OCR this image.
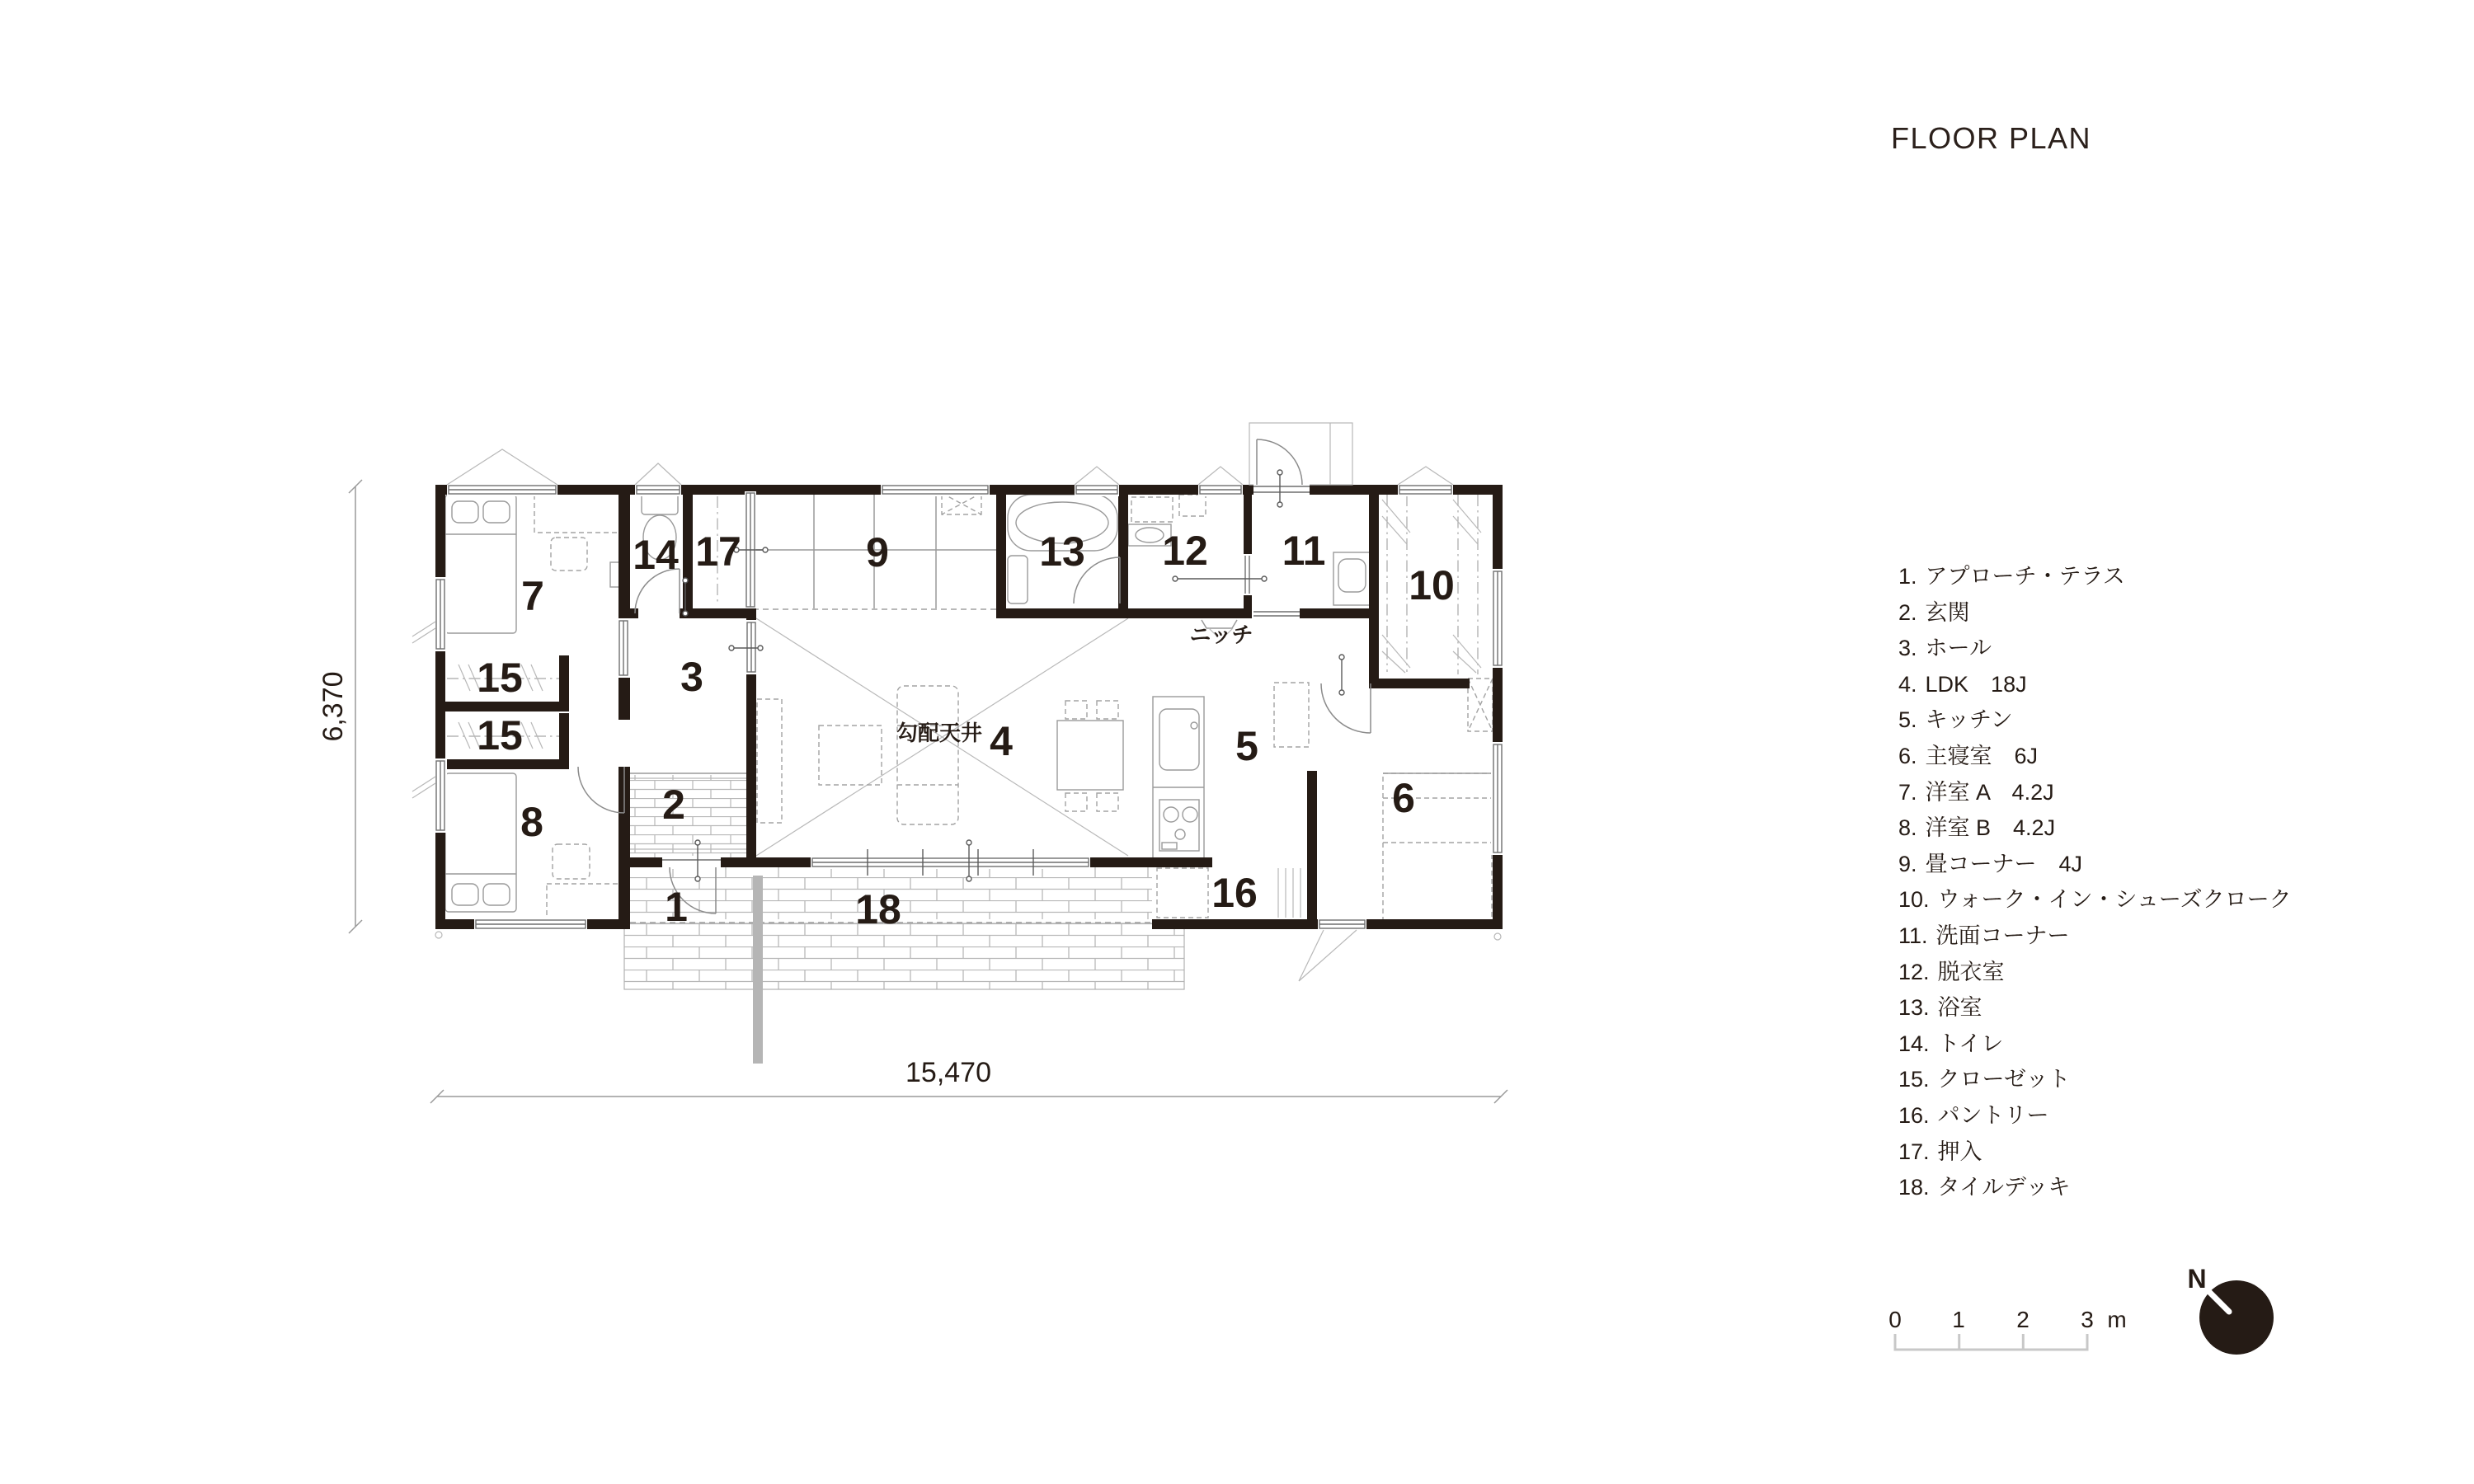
1
2
3
4	5
6
7
8
9
10
11
12
13
14
15
15
16
17
18
勾配天井
ニッチ
6,370
15,470
0 1 2 3 m
N
FLOOR PLAN
1. アプローチ・テラス
2. 玄関
3. ホール
4. LDK　18J
5. キッチン
6. 主寝室　6J
7. 洋室 A　4.2J
8. 洋室 B　4.2J
9. 畳コーナー　4J
10. ウォーク・イン・シューズクローク
11. 洗面コーナー
12. 脱衣室
13. 浴室
14. トイレ
15. クローゼット
16. パントリー
17. 押入
18. タイルデッキ
